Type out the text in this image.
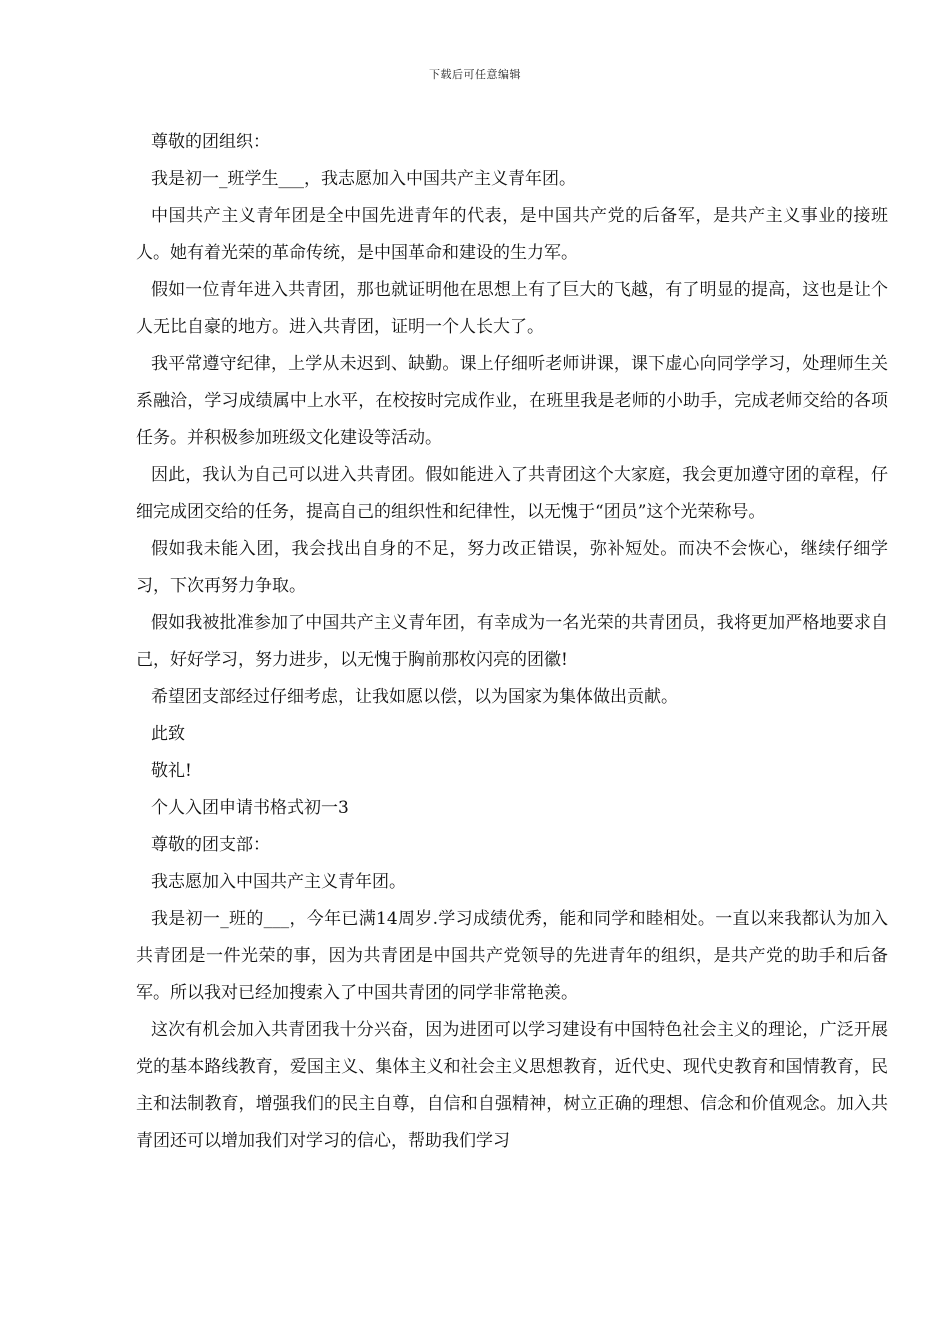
下载后可任意编辑

尊敬的团组织：

我是初一_班学生___，我志愿加入中国共产主义青年团。

中国共产主义青年团是全中国先进青年的代表，是中国共产党的后备军，是共产主义事业的接班人。她有着光荣的革命传统，是中国革命和建设的生力军。

假如一位青年进入共青团，那也就证明他在思想上有了巨大的飞越，有了明显的提高，这也是让个人无比自豪的地方。进入共青团，证明一个人长大了。

我平常遵守纪律，上学从未迟到、缺勤。课上仔细听老师讲课，课下虚心向同学学习，处理师生关系融洽，学习成绩属中上水平，在校按时完成作业，在班里我是老师的小助手，完成老师交给的各项任务。并积极参加班级文化建设等活动。

因此，我认为自己可以进入共青团。假如能进入了共青团这个大家庭，我会更加遵守团的章程，仔细完成团交给的任务，提高自己的组织性和纪律性，以无愧于“团员”这个光荣称号。

假如我未能入团，我会找出自身的不足，努力改正错误，弥补短处。而决不会恢心，继续仔细学习，下次再努力争取。

假如我被批准参加了中国共产主义青年团，有幸成为一名光荣的共青团员，我将更加严格地要求自己，好好学习，努力进步，以无愧于胸前那枚闪亮的团徽!

希望团支部经过仔细考虑，让我如愿以偿，以为国家为集体做出贡献。

此致

敬礼!

个人入团申请书格式初一3

尊敬的团支部：

我志愿加入中国共产主义青年团。

我是初一_班的___，今年已满14周岁.学习成绩优秀，能和同学和睦相处。一直以来我都认为加入共青团是一件光荣的事，因为共青团是中国共产党领导的先进青年的组织，是共产党的助手和后备军。所以我对已经加搜索入了中国共青团的同学非常艳羡。

这次有机会加入共青团我十分兴奋，因为进团可以学习建设有中国特色社会主义的理论，广泛开展党的基本路线教育，爱国主义、集体主义和社会主义思想教育，近代史、现代史教育和国情教育，民主和法制教育，增强我们的民主自尊，自信和自强精神，树立正确的理想、信念和价值观念。加入共青团还可以增加我们对学习的信心，帮助我们学习
